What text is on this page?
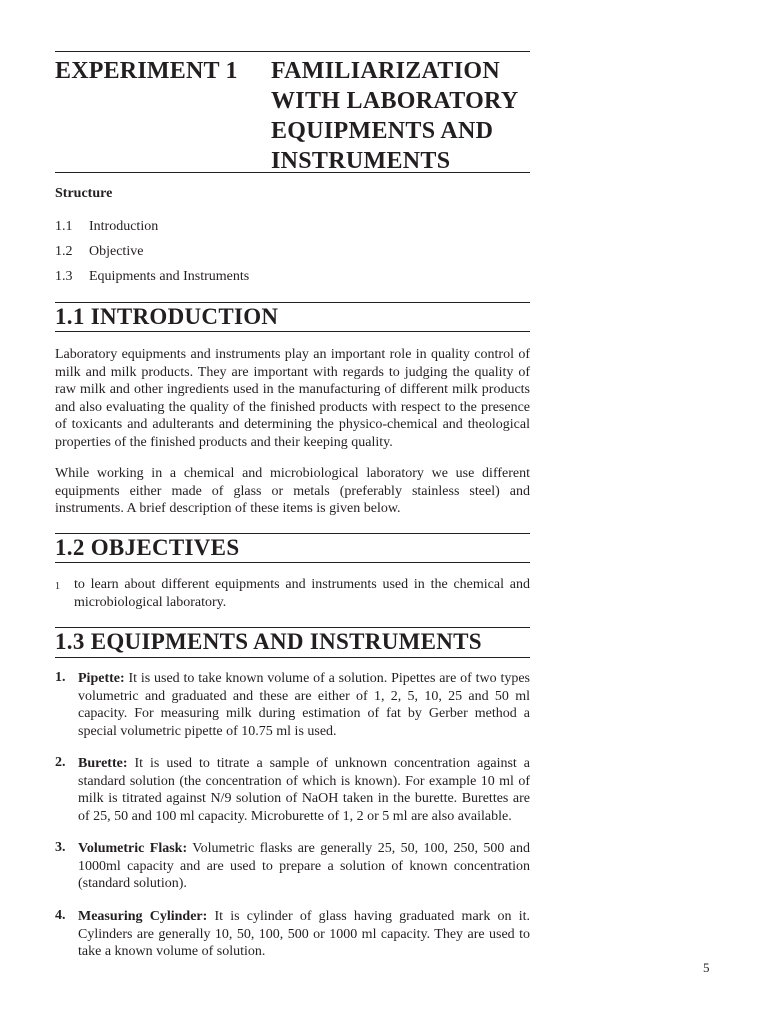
EXPERIMENT 1 FAMILIARIZATION
WITH LABORATORY
EQUIPMENTS AND
INSTRUMENTS
Structure
1.1 Introduction
1.2 Objective
1.3 Equipments and Instruments
1.1 INTRODUCTION
Laboratory equipments and instruments play an important role in quality control of milk and milk products. They are important with regards to judging the quality of raw milk and other ingredients used in the manufacturing of different milk products and also evaluating the quality of the finished products with respect to the presence of toxicants and adulterants and determining the physico-chemical and theological properties of the finished products and their keeping quality.
While working in a chemical and microbiological laboratory we use different equipments either made of glass or metals (preferably stainless steel) and instruments. A brief description of these items is given below.
1.2 OBJECTIVES
1 to learn about different equipments and instruments used in the chemical and microbiological laboratory.
1.3 EQUIPMENTS AND INSTRUMENTS
1. Pipette: It is used to take known volume of a solution. Pipettes are of two types volumetric and graduated and these are either of 1, 2, 5, 10, 25 and 50 ml capacity. For measuring milk during estimation of fat by Gerber method a special volumetric pipette of 10.75 ml is used.
2. Burette: It is used to titrate a sample of unknown concentration against a standard solution (the concentration of which is known). For example 10 ml of milk is titrated against N/9 solution of NaOH taken in the burette. Burettes are of 25, 50 and 100 ml capacity. Microburette of 1, 2 or 5 ml are also available.
3. Volumetric Flask: Volumetric flasks are generally 25, 50, 100, 250, 500 and 1000ml capacity and are used to prepare a solution of known concentration (standard solution).
4. Measuring Cylinder: It is cylinder of glass having graduated mark on it. Cylinders are generally 10, 50, 100, 500 or 1000 ml capacity. They are used to take a known volume of solution.
5
